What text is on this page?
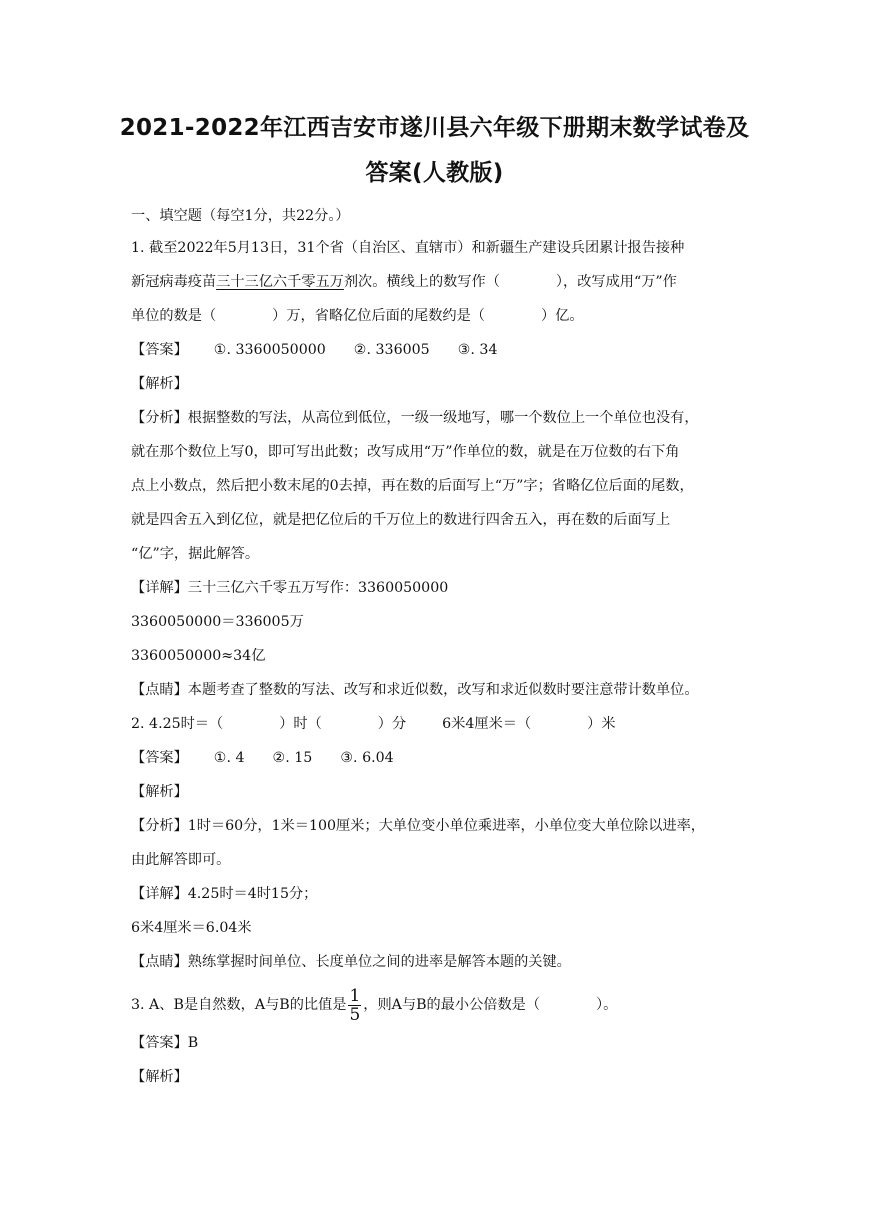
2021-2022年江西吉安市遂川县六年级下册期末数学试卷及
答案(人教版)
一、填空题（每空1分，共22分。）
1. 截至2022年5月13日，31个省（自治区、直辖市）和新疆生产建设兵团累计报告接种
新冠病毒疫苗三十三亿六千零五万剂次。横线上的数写作（	），改写成用“万”作
单位的数是（	）万，省略亿位后面的尾数约是（	）亿。
【答案】 ①. 3360050000 ②. 336005 ③. 34
【解析】
【分析】根据整数的写法，从高位到低位，一级一级地写，哪一个数位上一个单位也没有，
就在那个数位上写0，即可写出此数；改写成用“万”作单位的数，就是在万位数的右下角
点上小数点，然后把小数末尾的0去掉，再在数的后面写上“万”字；省略亿位后面的尾数，
就是四舍五入到亿位，就是把亿位后的千万位上的数进行四舍五入，再在数的后面写上
“亿”字，据此解答。
【详解】三十三亿六千零五万写作：3360050000
3360050000＝336005万
3360050000≈34亿
【点睛】本题考查了整数的写法、改写和求近似数，改写和求近似数时要注意带计数单位。
2. 4.25时＝（	）时（	）分	6米4厘米＝（	）米
【答案】 ①. 4 ②. 15 ③. 6.04
【解析】
【分析】1时＝60分，1米＝100厘米；大单位变小单位乘进率，小单位变大单位除以进率，
由此解答即可。
【详解】4.25时＝4时15分；
6米4厘米＝6.04米
【点睛】熟练掌握时间单位、长度单位之间的进率是解答本题的关键。
3. A、B是自然数，A与B的比值是 $\frac{1}{5}$ ，则A与B的最小公倍数是（	）。
【答案】B
【解析】
